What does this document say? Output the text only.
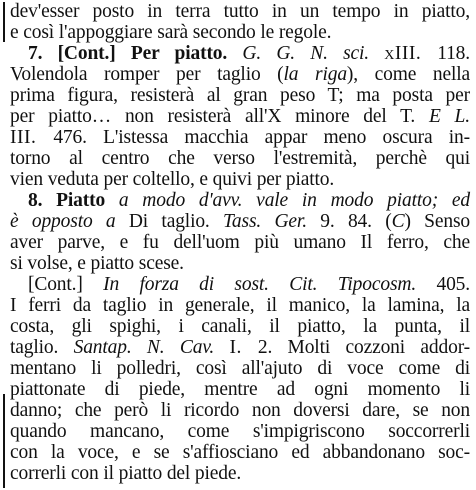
dev'esser posto in terra tutto in un tempo in piatto,
e così l'appoggiare sarà secondo le regole.
7. [Cont.] Per piatto. G. G. N. sci. xIII. 118.
Volendola romper per taglio (la riga), come nella
prima figura, resisterà al gran peso T; ma posta per
per piatto… non resisterà all'X minore del T. E L.
III. 476. L'istessa macchia appar meno oscura in-
torno al centro che verso l'estremità, perchè qui
vien veduta per coltello, e quivi per piatto.
8. Piatto a modo d'avv. vale in modo piatto; ed
è opposto a Di taglio. Tass. Ger. 9. 84. (C) Senso
aver parve, e fu dell'uom più umano Il ferro, che
si volse, e piatto scese.
[Cont.] In forza di sost. Cit. Tipocosm. 405.
I ferri da taglio in generale, il manico, la lamina, la
costa, gli spighi, i canali, il piatto, la punta, il
taglio. Santap. N. Cav. I. 2. Molti cozzoni addor-
mentano li polledri, così all'ajuto di voce come di
piattonate di piede, mentre ad ogni momento li
danno; che però li ricordo non doversi dare, se non
quando mancano, come s'impigriscono soccorrerli
con la voce, e se s'affiosciano ed abbandonano soc-
correrli con il piatto del piede.
